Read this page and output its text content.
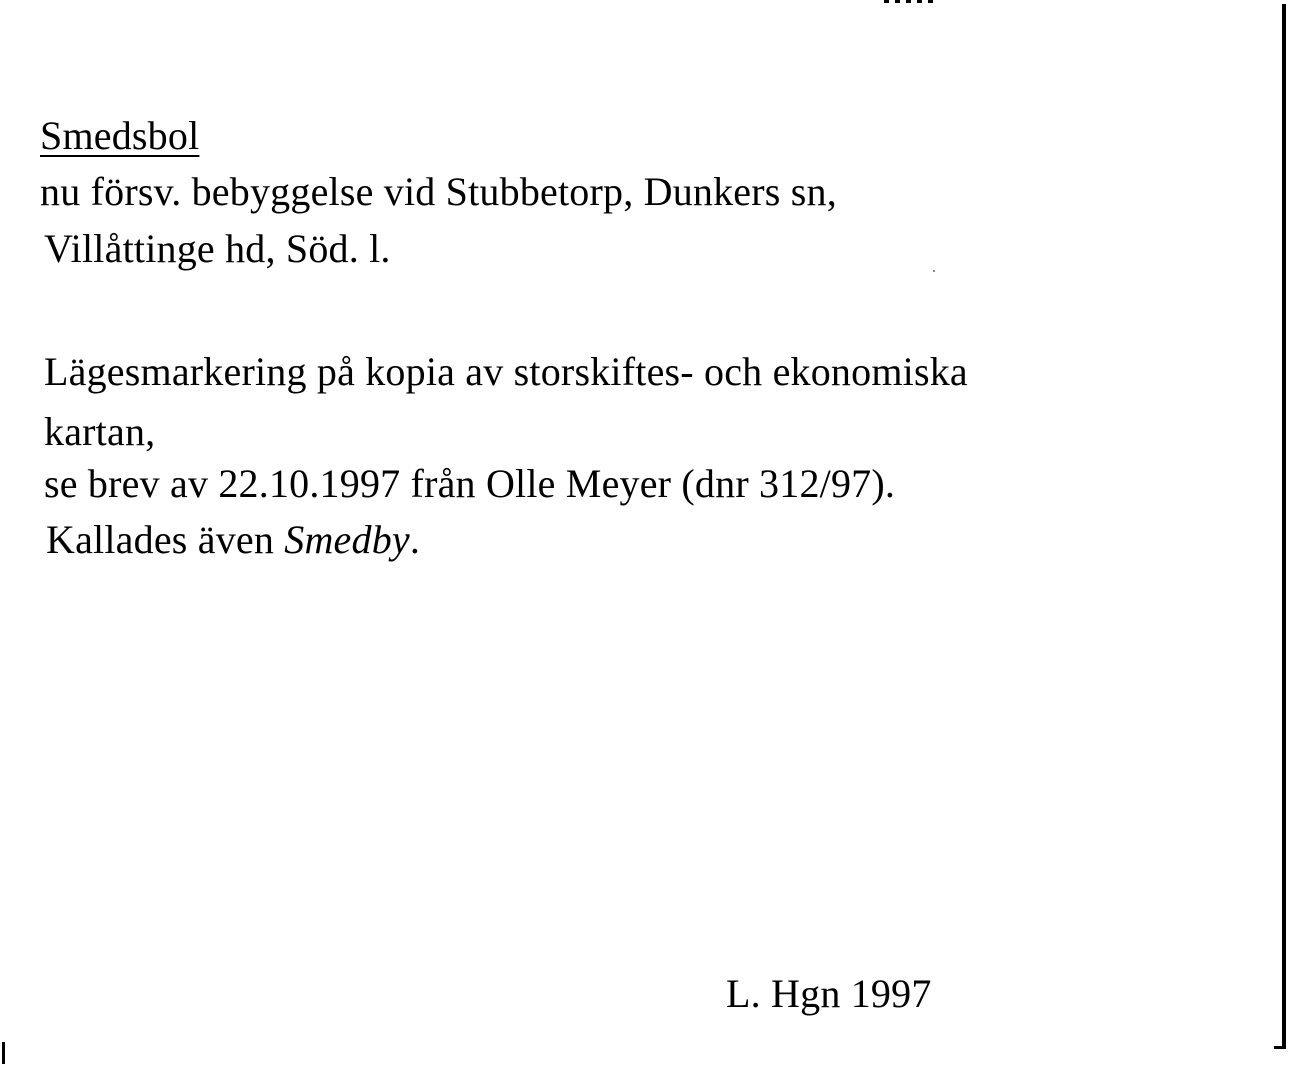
Smedsbol
nu försv. bebyggelse vid Stubbetorp, Dunkers sn,
Villåttinge hd, Söd. l.
Lägesmarkering på kopia av storskiftes- och ekonomiska
kartan,
se brev av 22.10.1997 från Olle Meyer (dnr 312/97).
Kallades även Smedby.
L. Hgn 1997
